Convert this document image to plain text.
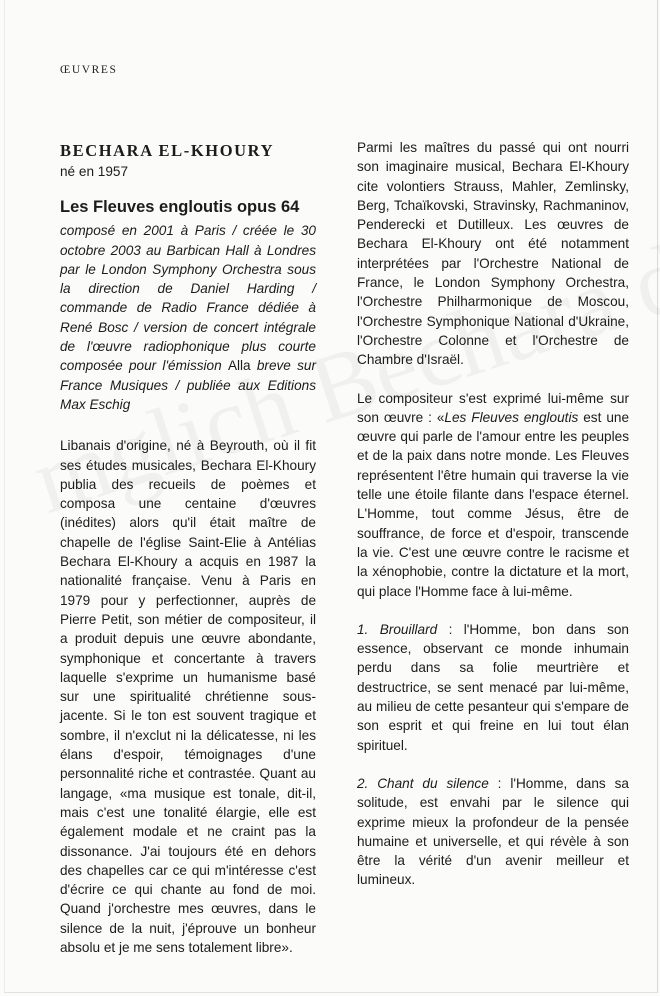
ŒUVRES
BECHARA EL-KHOURY
né en 1957
Les Fleuves engloutis opus 64

composé en 2001 à Paris / créée le 30 octobre 2003 au Barbican Hall à Londres par le London Symphony Orchestra sous la direction de Daniel Harding / commande de Radio France dédiée à René Bosc / version de concert intégrale de l'œuvre radiophonique plus courte composée pour l'émission Alla breve sur France Musiques / publiée aux Editions Max Eschig

Libanais d'origine, né à Beyrouth, où il fit ses études musicales, Bechara El-Khoury publia des recueils de poèmes et composa une centaine d'œuvres (inédites) alors qu'il était maître de chapelle de l'église Saint-Elie à Antélias Bechara El-Khoury a acquis en 1987 la nationalité française. Venu à Paris en 1979 pour y perfectionner, auprès de Pierre Petit, son métier de compositeur, il a produit depuis une œuvre abondante, symphonique et concertante à travers laquelle s'exprime un humanisme basé sur une spiritualité chrétienne sous-jacente. Si le ton est souvent tragique et sombre, il n'exclut ni la délicatesse, ni les élans d'espoir, témoignages d'une personnalité riche et contrastée. Quant au langage, «ma musique est tonale, dit-il, mais c'est une tonalité élargie, elle est également modale et ne craint pas la dissonance. J'ai toujours été en dehors des chapelles car ce qui m'intéresse c'est d'écrire ce qui chante au fond de moi. Quand j'orchestre mes œuvres, dans le silence de la nuit, j'éprouve un bonheur absolu et je me sens totalement libre».

Parmi les maîtres du passé qui ont nourri son imaginaire musical, Bechara El-Khoury cite volontiers Strauss, Mahler, Zemlinsky, Berg, Tchaïkovski, Stravinsky, Rachmaninov, Penderecki et Dutilleux. Les œuvres de Bechara El-Khoury ont été notamment interprétées par l'Orchestre National de France, le London Symphony Orchestra, l'Orchestre Philharmonique de Moscou, l'Orchestre Symphonique National d'Ukraine, l'Orchestre Colonne et l'Orchestre de Chambre d'Israël.

Le compositeur s'est exprimé lui-même sur son œuvre : «Les Fleuves engloutis est une œuvre qui parle de l'amour entre les peuples et de la paix dans notre monde. Les Fleuves représentent l'être humain qui traverse la vie telle une étoile filante dans l'espace éternel. L'Homme, tout comme Jésus, être de souffrance, de force et d'espoir, transcende la vie. C'est une œuvre contre le racisme et la xénophobie, contre la dictature et la mort, qui place l'Homme face à lui-même.

1. Brouillard : l'Homme, bon dans son essence, observant ce monde inhumain perdu dans sa folie meurtrière et destructrice, se sent menacé par lui-même, au milieu de cette pesanteur qui s'empare de son esprit et qui freine en lui tout élan spirituel.

2. Chant du silence : l'Homme, dans sa solitude, est envahi par le silence qui exprime mieux la profondeur de la pensée humaine et universelle, et qui révèle à son être la vérité d'un avenir meilleur et lumineux.
